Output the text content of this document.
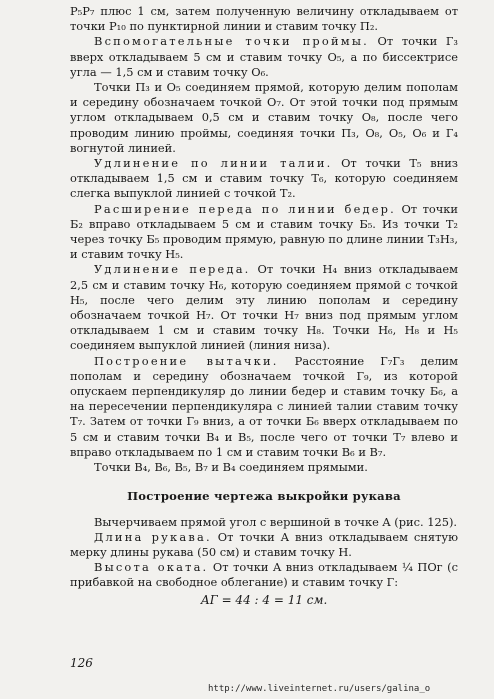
P₅P₇ плюс 1 см, затем полученную величину откладываем от точки P₁₀ по пунктирной линии и ставим точку П₂.

Вспомогательные точки проймы. От точки Г₃ вверх откладываем 5 см и ставим точку O₅, а по биссектрисе угла — 1,5 см и ставим точку O₆.

Точки П₃ и O₅ соединяем прямой, которую делим пополам и середину обозначаем точкой O₇. От этой точки под прямым углом откладываем 0,5 см и ставим точку O₈, после чего проводим линию проймы, соединяя точки П₃, O₈, O₅, O₆ и Г₄ вогнутой линией.

Удлинение по линии талии. От точки T₅ вниз откладываем 1,5 см и ставим точку T₆, которую соединяем слегка выпуклой линией с точкой T₂.

Расширение переда по линии бедер. От точки Б₂ вправо откладываем 5 см и ставим точку Б₅. Из точки T₂ через точку Б₅ проводим прямую, равную по длине линии T₃H₃, и ставим точку H₅.

Удлинение переда. От точки H₄ вниз откладываем 2,5 см и ставим точку H₆, которую соединяем прямой с точкой H₅, после чего делим эту линию пополам и середину обозначаем точкой H₇. От точки H₇ вниз под прямым углом откладываем 1 см и ставим точку H₈. Точки H₆, H₈ и H₅ соединяем выпуклой линией (линия низа).

Построение вытачки. Расстояние Г₇Г₃ делим пополам и середину обозначаем точкой Г₉, из которой опускаем перпендикуляр до линии бедер и ставим точку Б₆, а на пересечении перпендикуляра с линией талии ставим точку T₇. Затем от точки Г₉ вниз, а от точки Б₆ вверх откладываем по 5 см и ставим точки B₄ и B₅, после чего от точки T₇ влево и вправо откладываем по 1 см и ставим точки B₆ и B₇.

Точки B₄, B₆, B₅, B₇ и B₄ соединяем прямыми.

Построение чертежа выкройки рукава

Вычерчиваем прямой угол с вершиной в точке A (рис. 125).

Длина рукава. От точки A вниз откладываем снятую мерку длины рукава (50 см) и ставим точку H.

Высота оката. От точки A вниз откладываем ¼ ПОг (с прибавкой на свободное облегание) и ставим точку Г:

АГ = 44 : 4 = 11 см.
126
http://www.liveinternet.ru/users/galina_o
